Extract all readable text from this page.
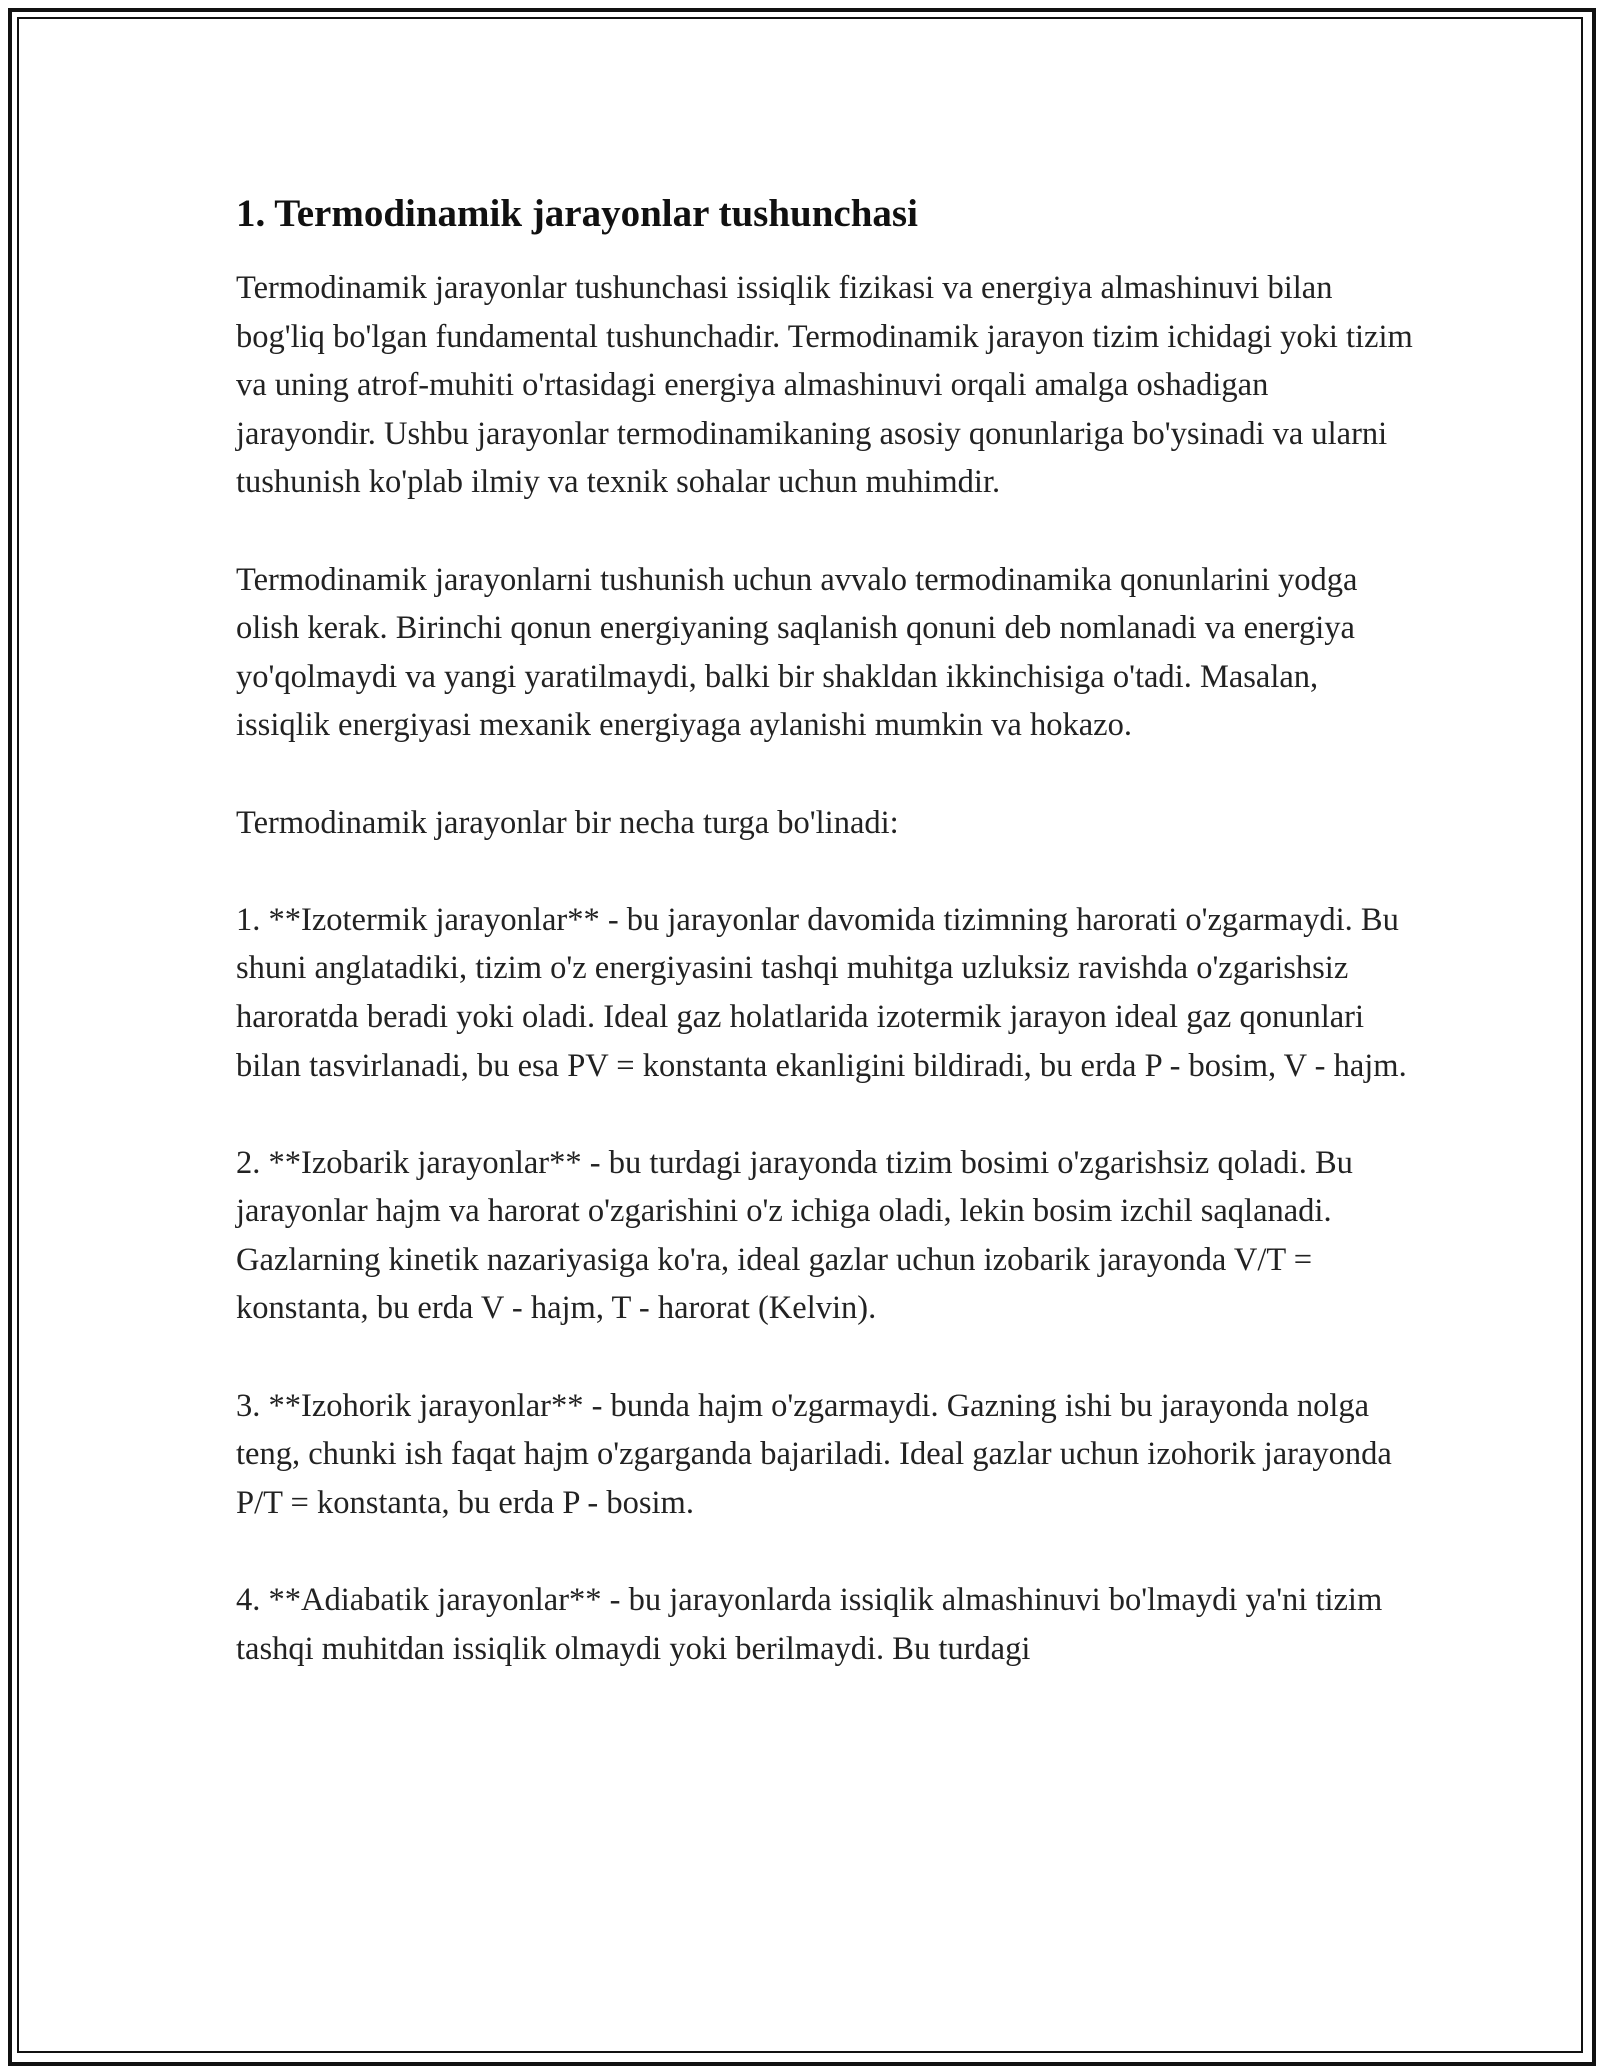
1. Termodinamik jarayonlar tushunchasi

Termodinamik jarayonlar tushunchasi issiqlik fizikasi va energiya almashinuvi bilan bog'liq bo'lgan fundamental tushunchadir. Termodinamik jarayon tizim ichidagi yoki tizim va uning atrof-muhiti o'rtasidagi energiya almashinuvi orqali amalga oshadigan jarayondir. Ushbu jarayonlar termodinamikaning asosiy qonunlariga bo'ysinadi va ularni tushunish ko'plab ilmiy va texnik sohalar uchun muhimdir.

Termodinamik jarayonlarni tushunish uchun avvalo termodinamika qonunlarini yodga olish kerak. Birinchi qonun energiyaning saqlanish qonuni deb nomlanadi va energiya yo'qolmaydi va yangi yaratilmaydi, balki bir shakldan ikkinchisiga o'tadi. Masalan, issiqlik energiyasi mexanik energiyaga aylanishi mumkin va hokazo.

Termodinamik jarayonlar bir necha turga bo'linadi:

1. **Izotermik jarayonlar** - bu jarayonlar davomida tizimning harorati o'zgarmaydi. Bu shuni anglatadiki, tizim o'z energiyasini tashqi muhitga uzluksiz ravishda o'zgarishsiz haroratda beradi yoki oladi. Ideal gaz holatlarida izotermik jarayon ideal gaz qonunlari bilan tasvirlanadi, bu esa PV = konstanta ekanligini bildiradi, bu erda P - bosim, V - hajm.

2. **Izobarik jarayonlar** - bu turdagi jarayonda tizim bosimi o'zgarishsiz qoladi. Bu jarayonlar hajm va harorat o'zgarishini o'z ichiga oladi, lekin bosim izchil saqlanadi. Gazlarning kinetik nazariyasiga ko'ra, ideal gazlar uchun izobarik jarayonda V/T = konstanta, bu erda V - hajm, T - harorat (Kelvin).

3. **Izohorik jarayonlar** - bunda hajm o'zgarmaydi. Gazning ishi bu jarayonda nolga teng, chunki ish faqat hajm o'zgarganda bajariladi. Ideal gazlar uchun izohorik jarayonda P/T = konstanta, bu erda P - bosim.

4. **Adiabatik jarayonlar** - bu jarayonlarda issiqlik almashinuvi bo'lmaydi ya'ni tizim tashqi muhitdan issiqlik olmaydi yoki berilmaydi. Bu turdagi
